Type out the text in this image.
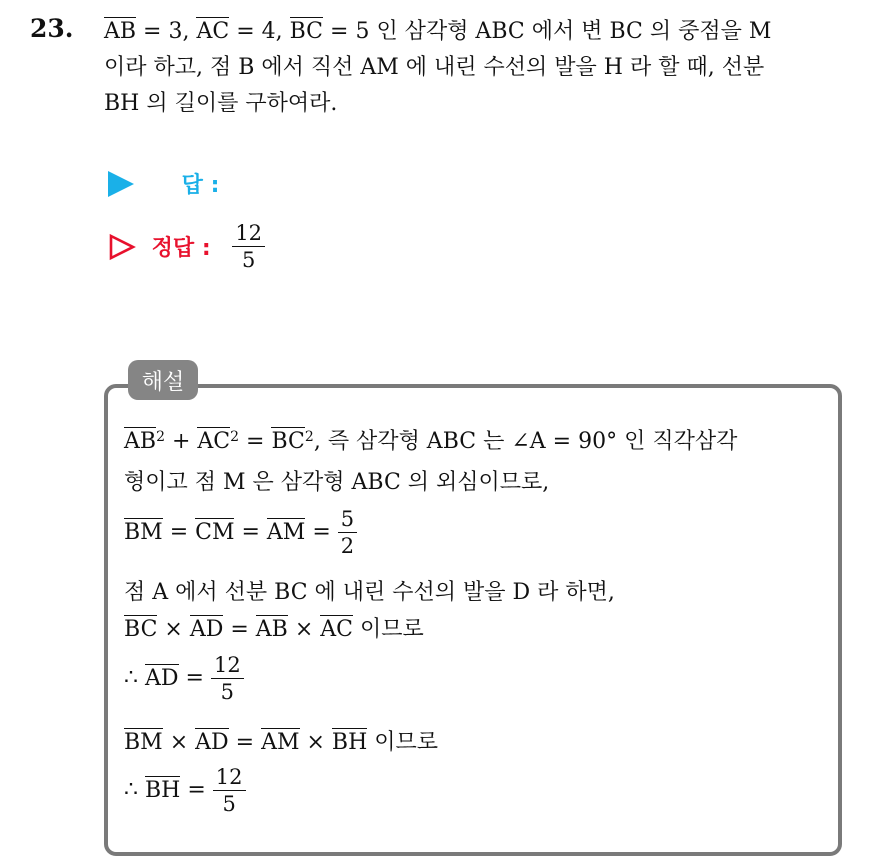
23. AB = 3, AC = 4, BC = 5 인 삼각형 ABC 에서 변 BC 의 중점을 M
이라 하고, 점 B 에서 직선 AM 에 내린 수선의 발을 H 라 할 때, 선분
BH 의 길이를 구하여라.
답 :
정답 : $\frac{12}{5}$
해설
$AB^2 + AC^2 = BC^2$, 즉 삼각형 ABC 는 ∠A = 90° 인 직각삼각
형이고 점 M 은 삼각형 ABC 의 외심이므로,
BM = CM = AM = $\frac{5}{2}$
점 A 에서 선분 BC 에 내린 수선의 발을 D 라 하면,
BC × AD = AB × AC 이므로
∴ AD = $\frac{12}{5}$
BM × AD = AM × BH 이므로
∴ BH = $\frac{12}{5}$
